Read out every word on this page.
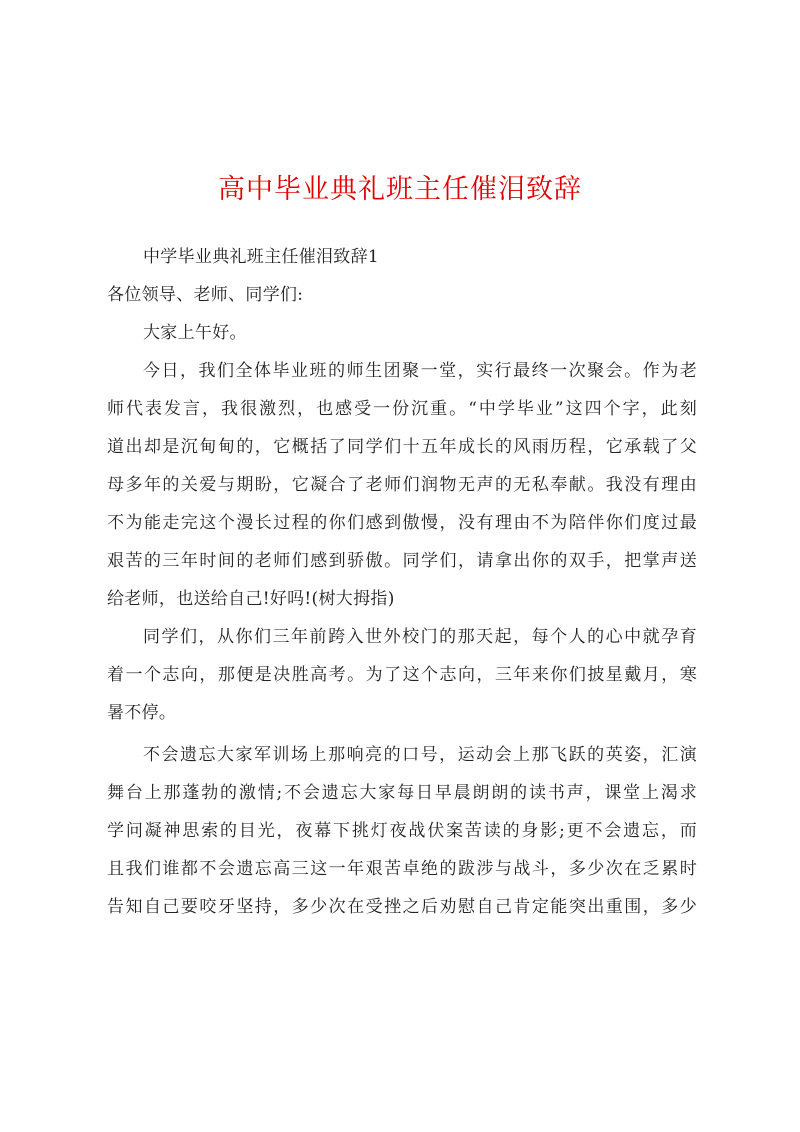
高中毕业典礼班主任催泪致辞
中学毕业典礼班主任催泪致辞1
各位领导、老师、同学们:
大家上午好。
今日，我们全体毕业班的师生团聚一堂，实行最终一次聚会。作为老
师代表发言，我很激烈，也感受一份沉重。“中学毕业”这四个字，此刻
道出却是沉甸甸的，它概括了同学们十五年成长的风雨历程，它承载了父
母多年的关爱与期盼，它凝合了老师们润物无声的无私奉献。我没有理由
不为能走完这个漫长过程的你们感到傲慢，没有理由不为陪伴你们度过最
艰苦的三年时间的老师们感到骄傲。同学们，请拿出你的双手，把掌声送
给老师，也送给自己!好吗!(树大拇指)
同学们，从你们三年前跨入世外校门的那天起，每个人的心中就孕育
着一个志向，那便是决胜高考。为了这个志向，三年来你们披星戴月，寒
暑不停。
不会遗忘大家军训场上那响亮的口号，运动会上那飞跃的英姿，汇演
舞台上那蓬勃的激情;不会遗忘大家每日早晨朗朗的读书声，课堂上渴求
学问凝神思索的目光，夜幕下挑灯夜战伏案苦读的身影;更不会遗忘，而
且我们谁都不会遗忘高三这一年艰苦卓绝的跋涉与战斗，多少次在乏累时
告知自己要咬牙坚持，多少次在受挫之后劝慰自己肯定能突出重围，多少
